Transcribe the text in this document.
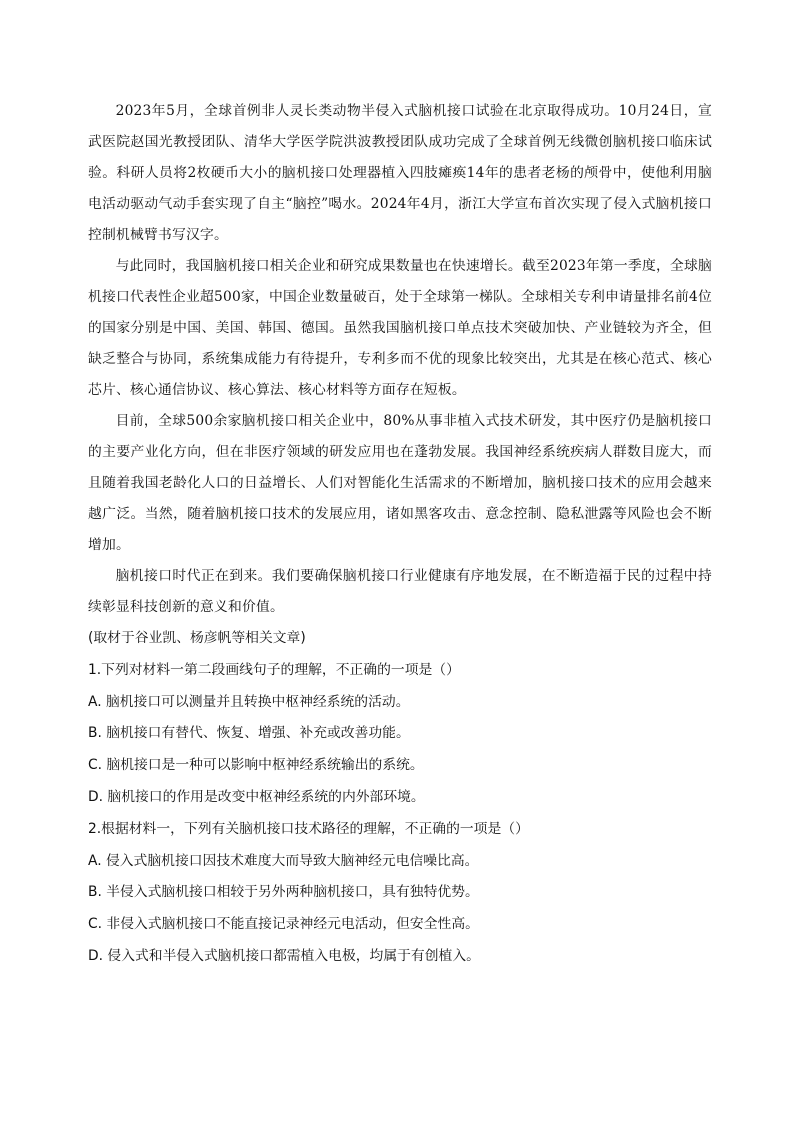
2023年5月，全球首例非人灵长类动物半侵入式脑机接口试验在北京取得成功。10月24日，宣武医院赵国光教授团队、清华大学医学院洪波教授团队成功完成了全球首例无线微创脑机接口临床试验。科研人员将2枚硬币大小的脑机接口处理器植入四肢瘫痪14年的患者老杨的颅骨中，使他利用脑电活动驱动气动手套实现了自主“脑控”喝水。2024年4月，浙江大学宣布首次实现了侵入式脑机接口控制机械臂书写汉字。

与此同时，我国脑机接口相关企业和研究成果数量也在快速增长。截至2023年第一季度，全球脑机接口代表性企业超500家，中国企业数量破百，处于全球第一梯队。全球相关专利申请量排名前4位的国家分别是中国、美国、韩国、德国。虽然我国脑机接口单点技术突破加快、产业链较为齐全，但缺乏整合与协同，系统集成能力有待提升，专利多而不优的现象比较突出，尤其是在核心范式、核心芯片、核心通信协议、核心算法、核心材料等方面存在短板。

目前，全球500余家脑机接口相关企业中，80%从事非植入式技术研发，其中医疗仍是脑机接口的主要产业化方向，但在非医疗领域的研发应用也在蓬勃发展。我国神经系统疾病人群数目庞大，而且随着我国老龄化人口的日益增长、人们对智能化生活需求的不断增加，脑机接口技术的应用会越来越广泛。当然，随着脑机接口技术的发展应用，诸如黑客攻击、意念控制、隐私泄露等风险也会不断增加。

脑机接口时代正在到来。我们要确保脑机接口行业健康有序地发展，在不断造福于民的过程中持续彰显科技创新的意义和价值。

(取材于谷业凯、杨彦帆等相关文章)

1.下列对材料一第二段画线句子的理解，不正确的一项是（）

A. 脑机接口可以测量并且转换中枢神经系统的活动。

B. 脑机接口有替代、恢复、增强、补充或改善功能。

C. 脑机接口是一种可以影响中枢神经系统输出的系统。

D. 脑机接口的作用是改变中枢神经系统的内外部环境。

2.根据材料一，下列有关脑机接口技术路径的理解，不正确的一项是（）

A. 侵入式脑机接口因技术难度大而导致大脑神经元电信噪比高。

B. 半侵入式脑机接口相较于另外两种脑机接口，具有独特优势。

C. 非侵入式脑机接口不能直接记录神经元电活动，但安全性高。

D. 侵入式和半侵入式脑机接口都需植入电极，均属于有创植入。
